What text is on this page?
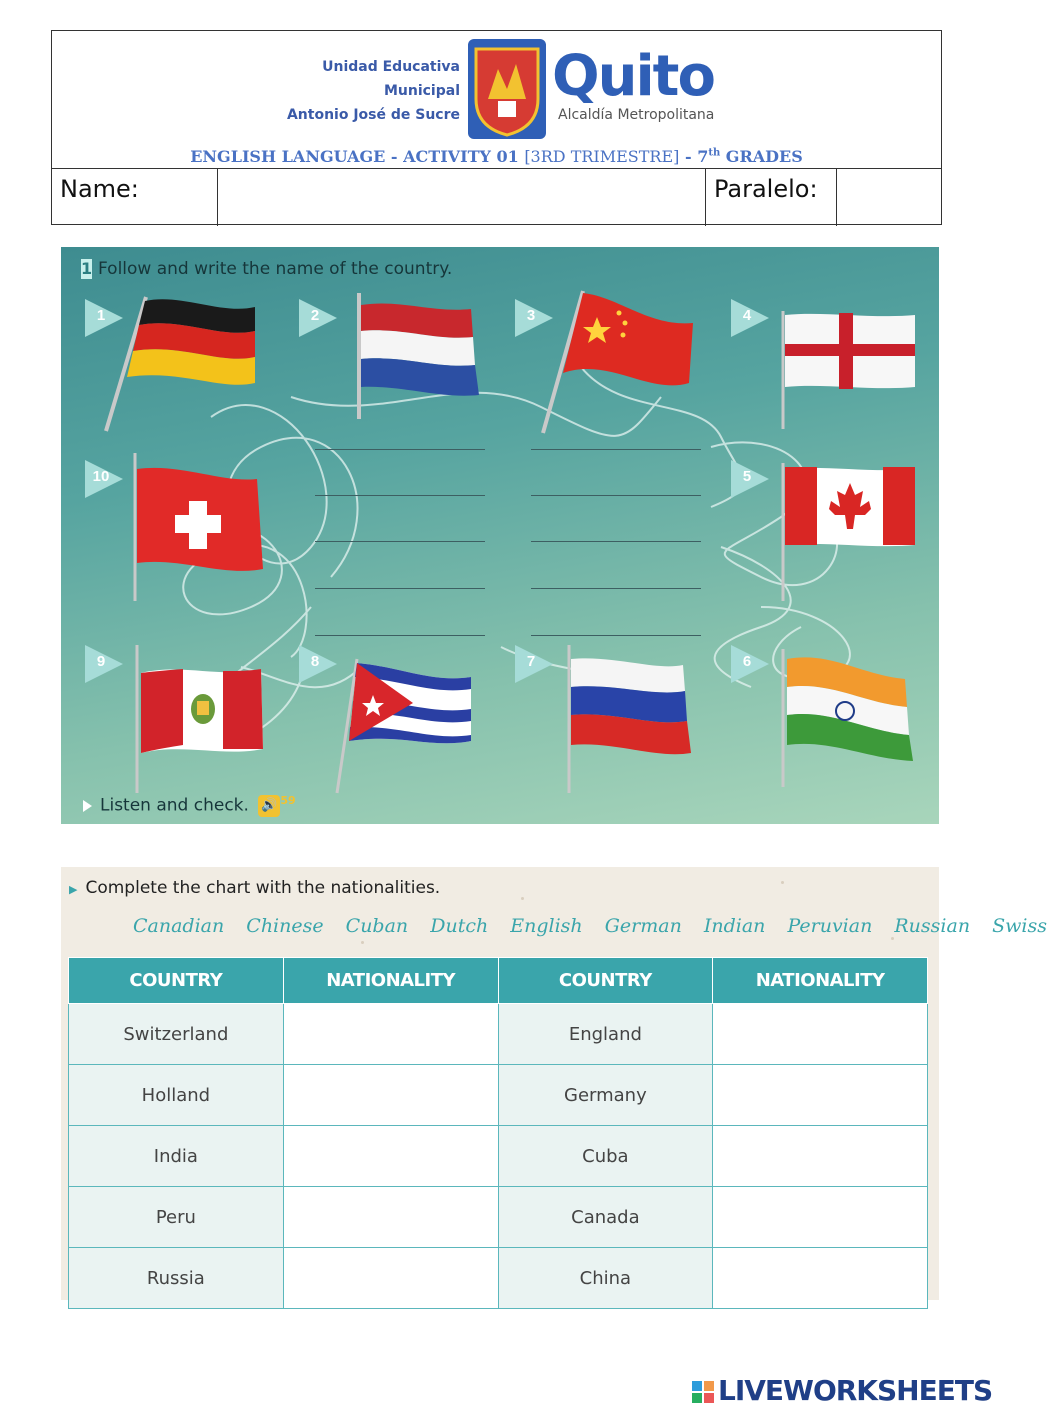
Unidad Educativa Municipal
Antonio José de Sucre
Quito
Alcaldía Metropolitana
ENGLISH LANGUAGE - ACTIVITY 01 [3RD TRIMESTRE] - 7th GRADES
Name:	Paralelo:
1 Follow and write the name of the country.
1	2	3	4
5
6
7
8
9
10
Listen and check. 🔊 $^{59}$
▶ Complete the chart with the nationalities.
Canadian Chinese Cuban Dutch English German Indian Peruvian Russian Swiss
COUNTRY	NATIONALITY	COUNTRY	NATIONALITY
Switzerland		England	
Holland		Germany	
India		Cuba	
Peru		Canada	
Russia		China	
LIVEWORKSHEETS
